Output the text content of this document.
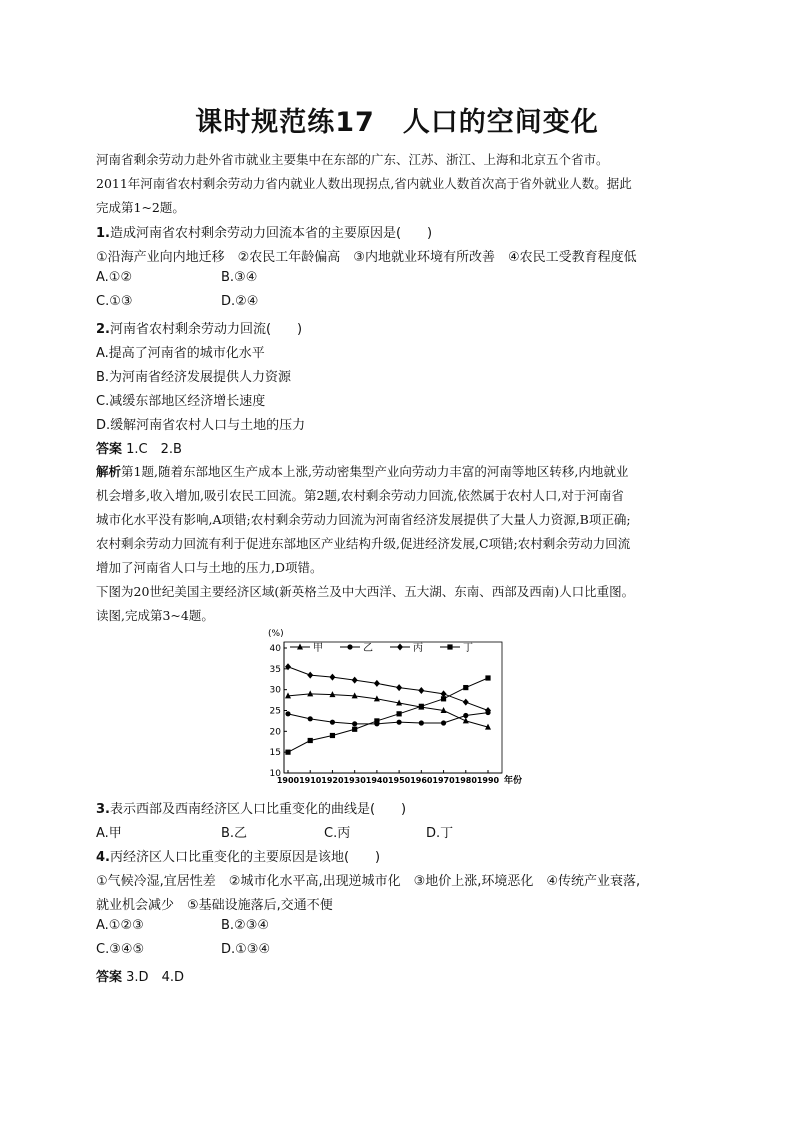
课时规范练17　人口的空间变化
河南省剩余劳动力赴外省市就业主要集中在东部的广东、江苏、浙江、上海和北京五个省市。
2011年河南省农村剩余劳动力省内就业人数出现拐点,省内就业人数首次高于省外就业人数。据此
完成第1~2题。
1.造成河南省农村剩余劳动力回流本省的主要原因是(　　)
①沿海产业向内地迁移　②农民工年龄偏高　③内地就业环境有所改善　④农民工受教育程度低
A.①②	B.③④
C.①③	D.②④
2.河南省农村剩余劳动力回流(　　)
A.提高了河南省的城市化水平
B.为河南省经济发展提供人力资源
C.减缓东部地区经济增长速度
D.缓解河南省农村人口与土地的压力
答案 1.C　2.B
解析第1题,随着东部地区生产成本上涨,劳动密集型产业向劳动力丰富的河南等地区转移,内地就业
机会增多,收入增加,吸引农民工回流。第2题,农村剩余劳动力回流,依然属于农村人口,对于河南省
城市化水平没有影响,A项错;农村剩余劳动力回流为河南省经济发展提供了大量人力资源,B项正确;
农村剩余劳动力回流有利于促进东部地区产业结构升级,促进经济发展,C项错;农村剩余劳动力回流
增加了河南省人口与土地的压力,D项错。
下图为20世纪美国主要经济区域(新英格兰及中大西洋、五大湖、东南、西部及西南)人口比重图。
读图,完成第3~4题。
10
15
20
25
30
35
40
1900 1910 1920 1930 1940 1950 1960 1970 1980 1990 年份
(%)
甲	乙	丙	丁
3.表示西部及西南经济区人口比重变化的曲线是(　　)
A.甲	B.乙	C.丙	D.丁
4.丙经济区人口比重变化的主要原因是该地(　　)
①气候冷湿,宜居性差　②城市化水平高,出现逆城市化　③地价上涨,环境恶化　④传统产业衰落,
就业机会减少　⑤基础设施落后,交通不便
A.①②③	B.②③④
C.③④⑤	D.①③④
答案 3.D　4.D
